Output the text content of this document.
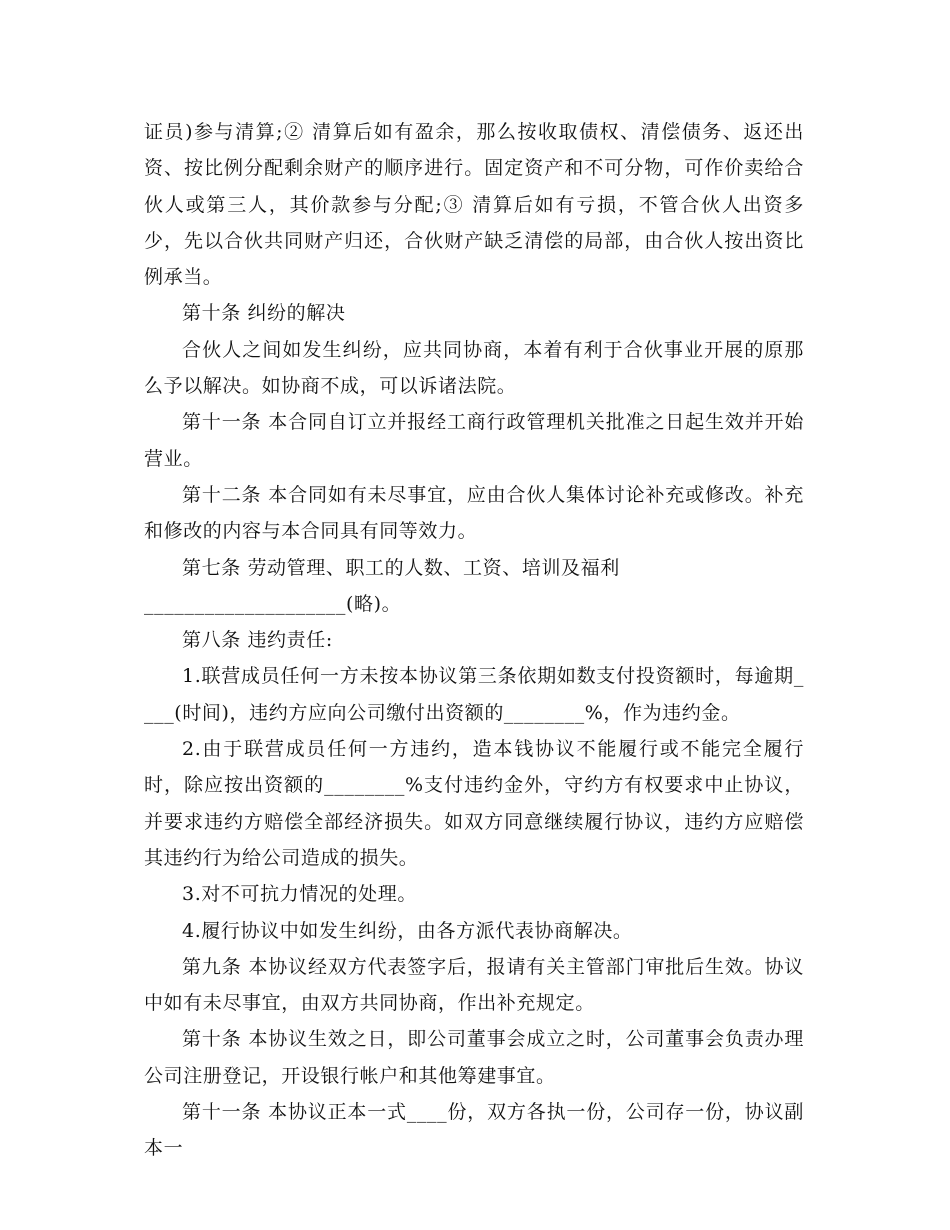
证员)参与清算;② 清算后如有盈余，那么按收取债权、清偿债务、返还出资、按比例分配剩余财产的顺序进行。固定资产和不可分物，可作价卖给合伙人或第三人，其价款参与分配;③ 清算后如有亏损，不管合伙人出资多少，先以合伙共同财产归还，合伙财产缺乏清偿的局部，由合伙人按出资比例承当。

第十条 纠纷的解决

合伙人之间如发生纠纷，应共同协商，本着有利于合伙事业开展的原那么予以解决。如协商不成，可以诉诸法院。

第十一条 本合同自订立并报经工商行政管理机关批准之日起生效并开始营业。

第十二条 本合同如有未尽事宜，应由合伙人集体讨论补充或修改。补充和修改的内容与本合同具有同等效力。

第七条 劳动管理、职工的人数、工资、培训及福利

____________________(略)。

第八条 违约责任:

1.联营成员任何一方未按本协议第三条依期如数支付投资额时，每逾期____(时间)，违约方应向公司缴付出资额的________%，作为违约金。

2.由于联营成员任何一方违约，造本钱协议不能履行或不能完全履行时，除应按出资额的________%支付违约金外，守约方有权要求中止协议，并要求违约方赔偿全部经济损失。如双方同意继续履行协议，违约方应赔偿其违约行为给公司造成的损失。

3.对不可抗力情况的处理。

4.履行协议中如发生纠纷，由各方派代表协商解决。

第九条 本协议经双方代表签字后，报请有关主管部门审批后生效。协议中如有未尽事宜，由双方共同协商，作出补充规定。

第十条 本协议生效之日，即公司董事会成立之时，公司董事会负责办理公司注册登记，开设银行帐户和其他筹建事宜。

第十一条 本协议正本一式____份，双方各执一份，公司存一份，协议副本一
